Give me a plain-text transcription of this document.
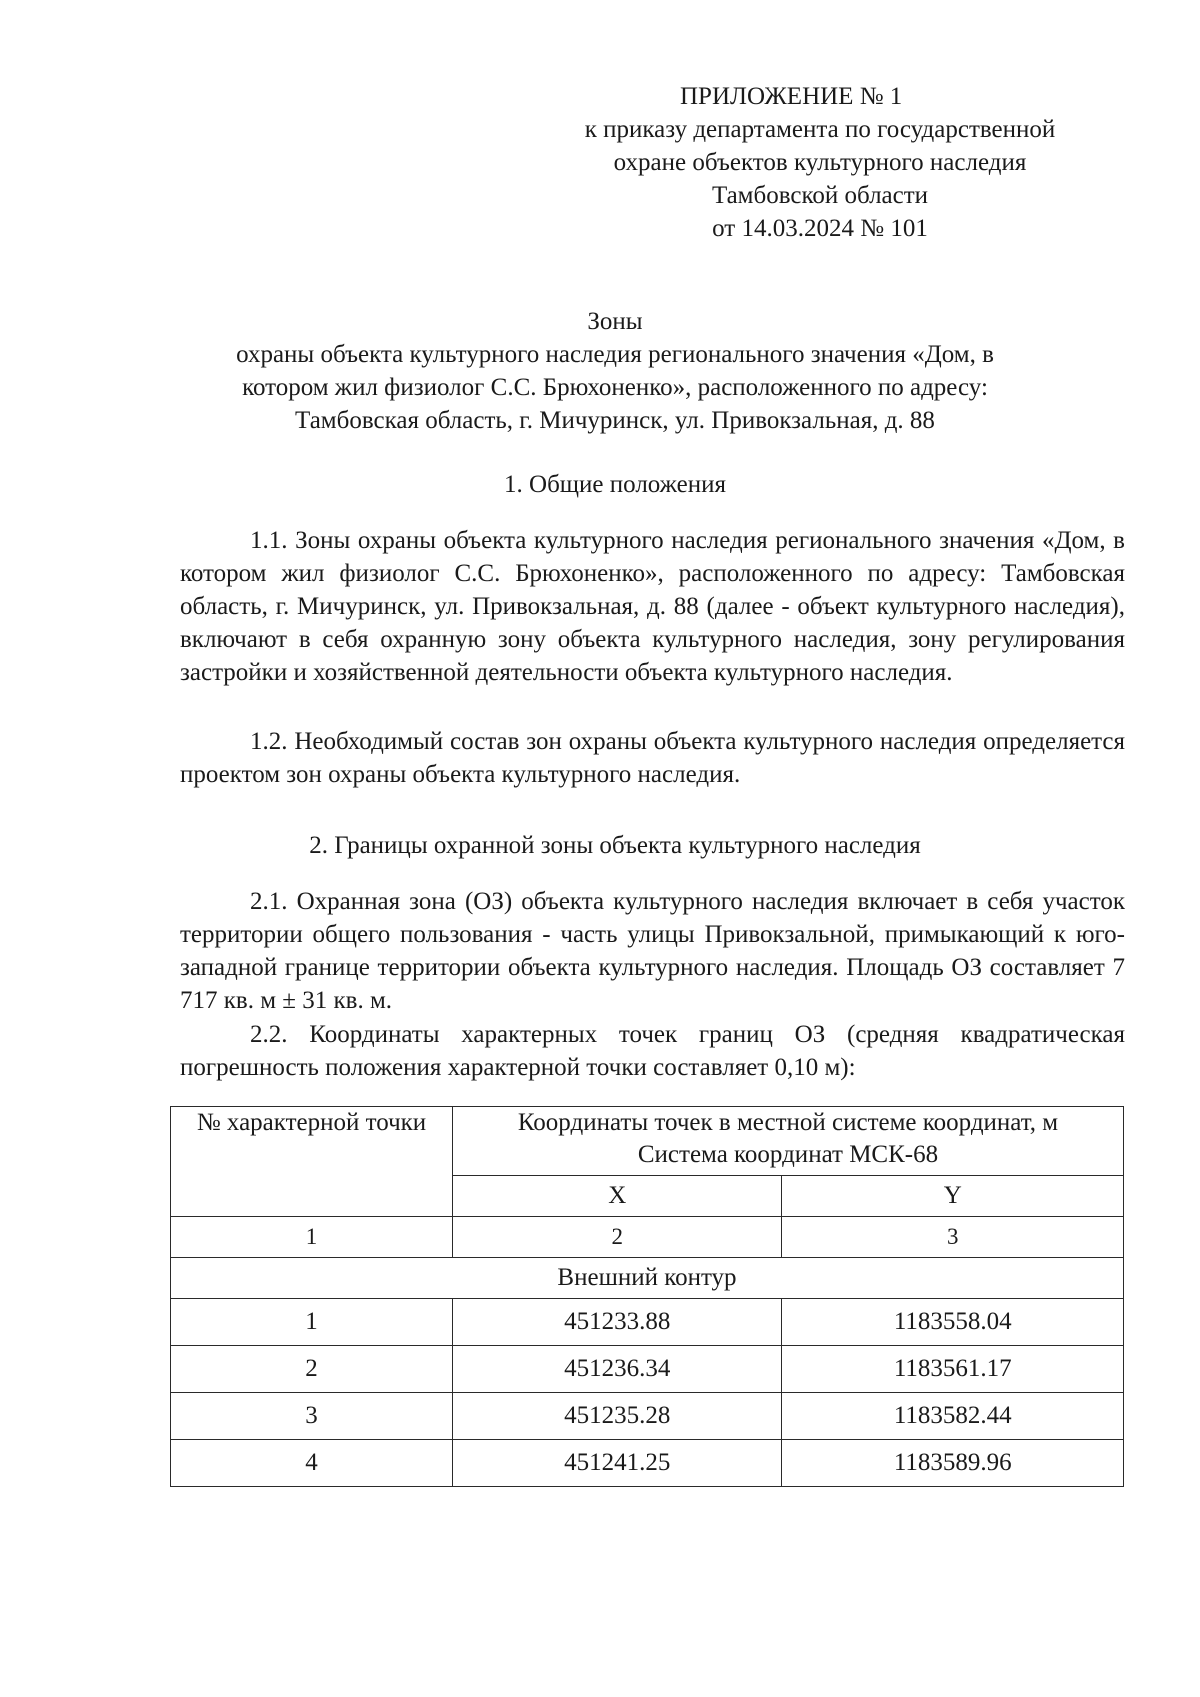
ПРИЛОЖЕНИЕ № 1
к приказу департамента по государственной
охране объектов культурного наследия
Тамбовской области
от 14.03.2024 № 101
Зоны
охраны объекта культурного наследия регионального значения «Дом, в
котором жил физиолог С.С. Брюхоненко», расположенного по адресу:
Тамбовская область, г. Мичуринск, ул. Привокзальная, д. 88
1. Общие положения
1.1. Зоны охраны объекта культурного наследия регионального значения «Дом, в котором жил физиолог С.С. Брюхоненко», расположенного по адресу: Тамбовская область, г. Мичуринск, ул. Привокзальная, д. 88 (далее - объект культурного наследия), включают в себя охранную зону объекта культурного наследия, зону регулирования застройки и хозяйственной деятельности объекта культурного наследия.
1.2. Необходимый состав зон охраны объекта культурного наследия определяется проектом зон охраны объекта культурного наследия.
2. Границы охранной зоны объекта культурного наследия
2.1. Охранная зона (ОЗ) объекта культурного наследия включает в себя участок территории общего пользования - часть улицы Привокзальной, примыкающий к юго-западной границе территории объекта культурного наследия. Площадь ОЗ составляет 7 717 кв. м ± 31 кв. м.
2.2. Координаты характерных точек границ ОЗ (средняя квадратическая погрешность положения характерной точки составляет 0,10 м):
№ характерной точки	Координаты точек в местной системе координат, м
Система координат МСК-68	

	X	Y
1	2	3
Внешний контур		
1	451233.88	1183558.04
2	451236.34	1183561.17
3	451235.28	1183582.44
4	451241.25	1183589.96
